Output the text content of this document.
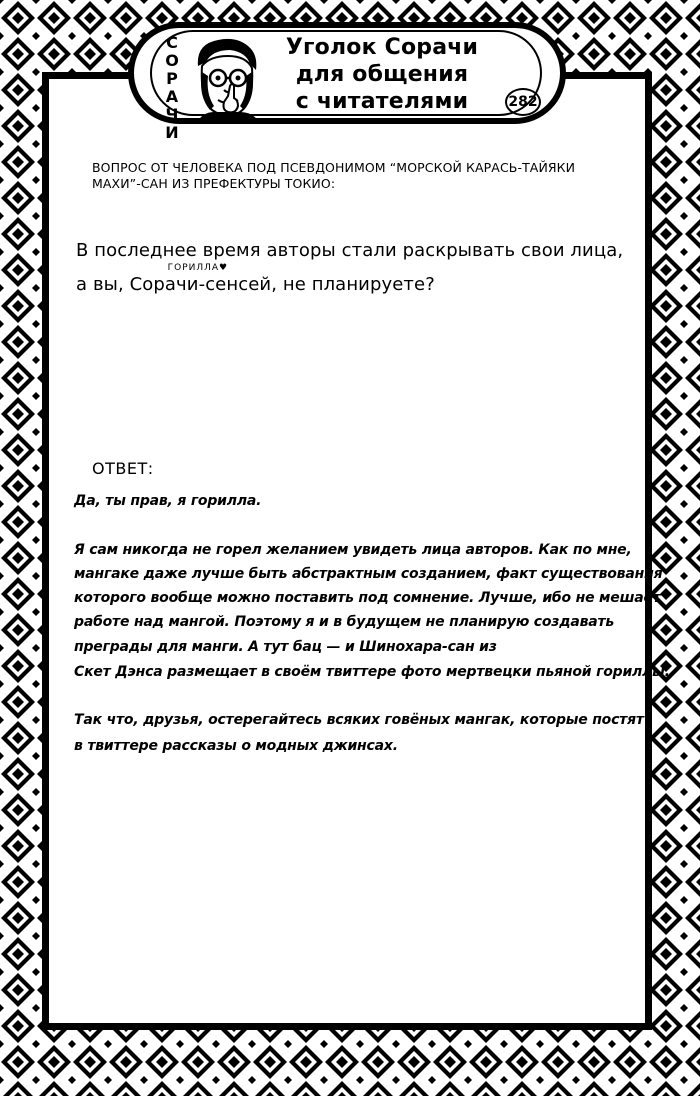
С
О
Р
А
Ч
И
Уголок Сорачи
для общения
с читателями	282
ВОПРОС ОТ ЧЕЛОВЕКА ПОД ПСЕВДОНИМОМ “МОРСКОЙ КАРАСЬ-ТАЙЯКИ
МАХИ”-САН ИЗ ПРЕФЕКТУРЫ ТОКИО:
В последнее время авторы стали раскрывать свои лица,
а вы,
ГОРИЛЛА♥
Сорачи-сенсей, не планируете?
ОТВЕТ:
Да, ты прав, я горилла.
Я сам никогда не горел желанием увидеть лица авторов. Как по мне,
мангаке даже лучше быть абстрактным созданием, факт существования
которого вообще можно поставить под сомнение. Лучше, ибо не мешает
работе над мангой. Поэтому я и в будущем не планирую создавать
преграды для манги. А тут бац — и Шинохара-сан из
Скет Дэнса размещает в своём твиттере фото мертвецки пьяной гориллы.
Так что, друзья, остерегайтесь всяких говёных мангак, которые постят
в твиттере рассказы о модных джинсах.
